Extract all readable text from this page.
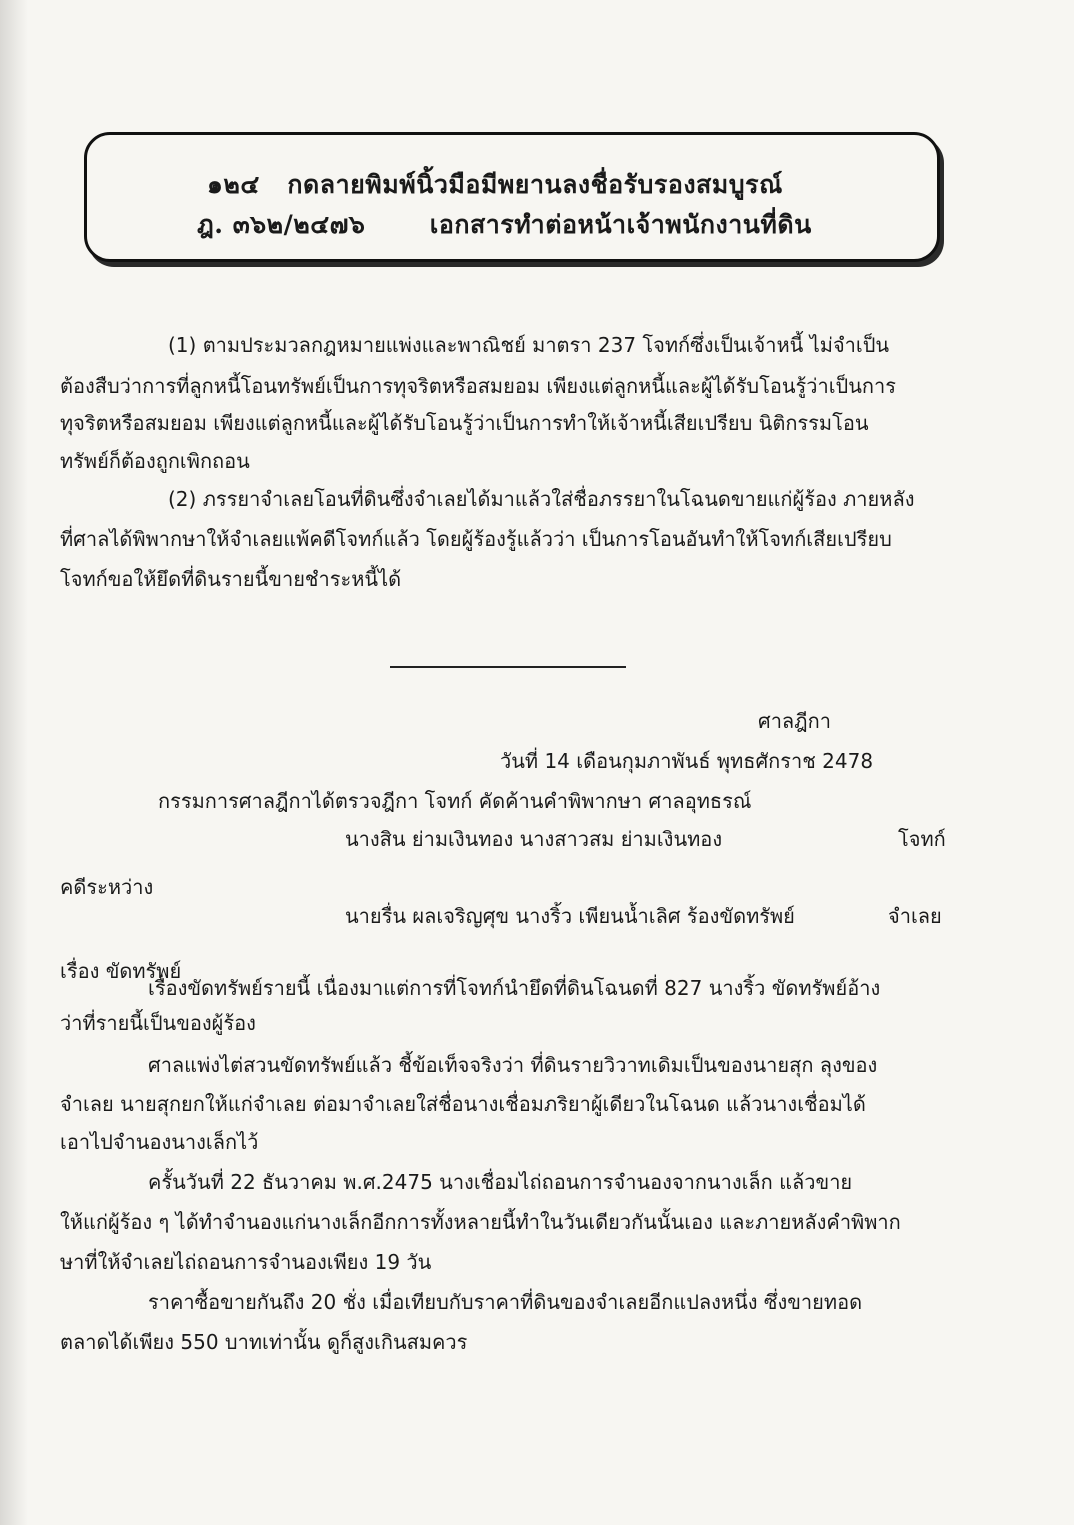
๑๒๔ กดลายพิมพ์นิ้วมือมีพยานลงชื่อรับรองสมบูรณ์
ฎ. ๓๖๒/๒๔๗๖	เอกสารทำต่อหน้าเจ้าพนักงานที่ดิน
(1) ตามประมวลกฎหมายแพ่งและพาณิชย์ มาตรา 237 โจทก์ซึ่งเป็นเจ้าหนี้ ไม่จำเป็น
ต้องสืบว่าการที่ลูกหนี้โอนทรัพย์เป็นการทุจริตหรือสมยอม เพียงแต่ลูกหนี้และผู้ได้รับโอนรู้ว่าเป็นการ
ทุจริตหรือสมยอม เพียงแต่ลูกหนี้และผู้ได้รับโอนรู้ว่าเป็นการทำให้เจ้าหนี้เสียเปรียบ นิติกรรมโอน
ทรัพย์ก็ต้องถูกเพิกถอน
(2) ภรรยาจำเลยโอนที่ดินซึ่งจำเลยได้มาแล้วใส่ชื่อภรรยาในโฉนดขายแก่ผู้ร้อง ภายหลัง
ที่ศาลได้พิพากษาให้จำเลยแพ้คดีโจทก์แล้ว โดยผู้ร้องรู้แล้วว่า เป็นการโอนอันทำให้โจทก์เสียเปรียบ
โจทก์ขอให้ยึดที่ดินรายนี้ขายชำระหนี้ได้
ศาลฎีกา
วันที่ 14 เดือนกุมภาพันธ์ พุทธศักราช 2478
กรรมการศาลฎีกาได้ตรวจฎีกา โจทก์ คัดค้านคำพิพากษา ศาลอุทธรณ์
นางสิน ย่ามเงินทอง นางสาวสม ย่ามเงินทอง	โจทก์
คดีระหว่าง
นายรื่น ผลเจริญศุข นางริ้ว เพียนน้ำเลิศ ร้องขัดทรัพย์	จำเลย
เรื่อง ขัดทรัพย์
เรื่องขัดทรัพย์รายนี้ เนื่องมาแต่การที่โจทก์นำยึดที่ดินโฉนดที่ 827 นางริ้ว ขัดทรัพย์อ้าง
ว่าที่รายนี้เป็นของผู้ร้อง
ศาลแพ่งไต่สวนขัดทรัพย์แล้ว ชี้ข้อเท็จจริงว่า ที่ดินรายวิวาทเดิมเป็นของนายสุก ลุงของ
จำเลย นายสุกยกให้แก่จำเลย ต่อมาจำเลยใส่ชื่อนางเชื่อมภริยาผู้เดียวในโฉนด แล้วนางเชื่อมได้
เอาไปจำนองนางเล็กไว้
ครั้นวันที่ 22 ธันวาคม พ.ศ.2475 นางเชื่อมไถ่ถอนการจำนองจากนางเล็ก แล้วขาย
ให้แก่ผู้ร้อง ๆ ได้ทำจำนองแก่นางเล็กอีกการทั้งหลายนี้ทำในวันเดียวกันนั้นเอง และภายหลังคำพิพาก
ษาที่ให้จำเลยไถ่ถอนการจำนองเพียง 19 วัน
ราคาซื้อขายกันถึง 20 ชั่ง เมื่อเทียบกับราคาที่ดินของจำเลยอีกแปลงหนึ่ง ซึ่งขายทอด
ตลาดได้เพียง 550 บาทเท่านั้น ดูก็สูงเกินสมควร
